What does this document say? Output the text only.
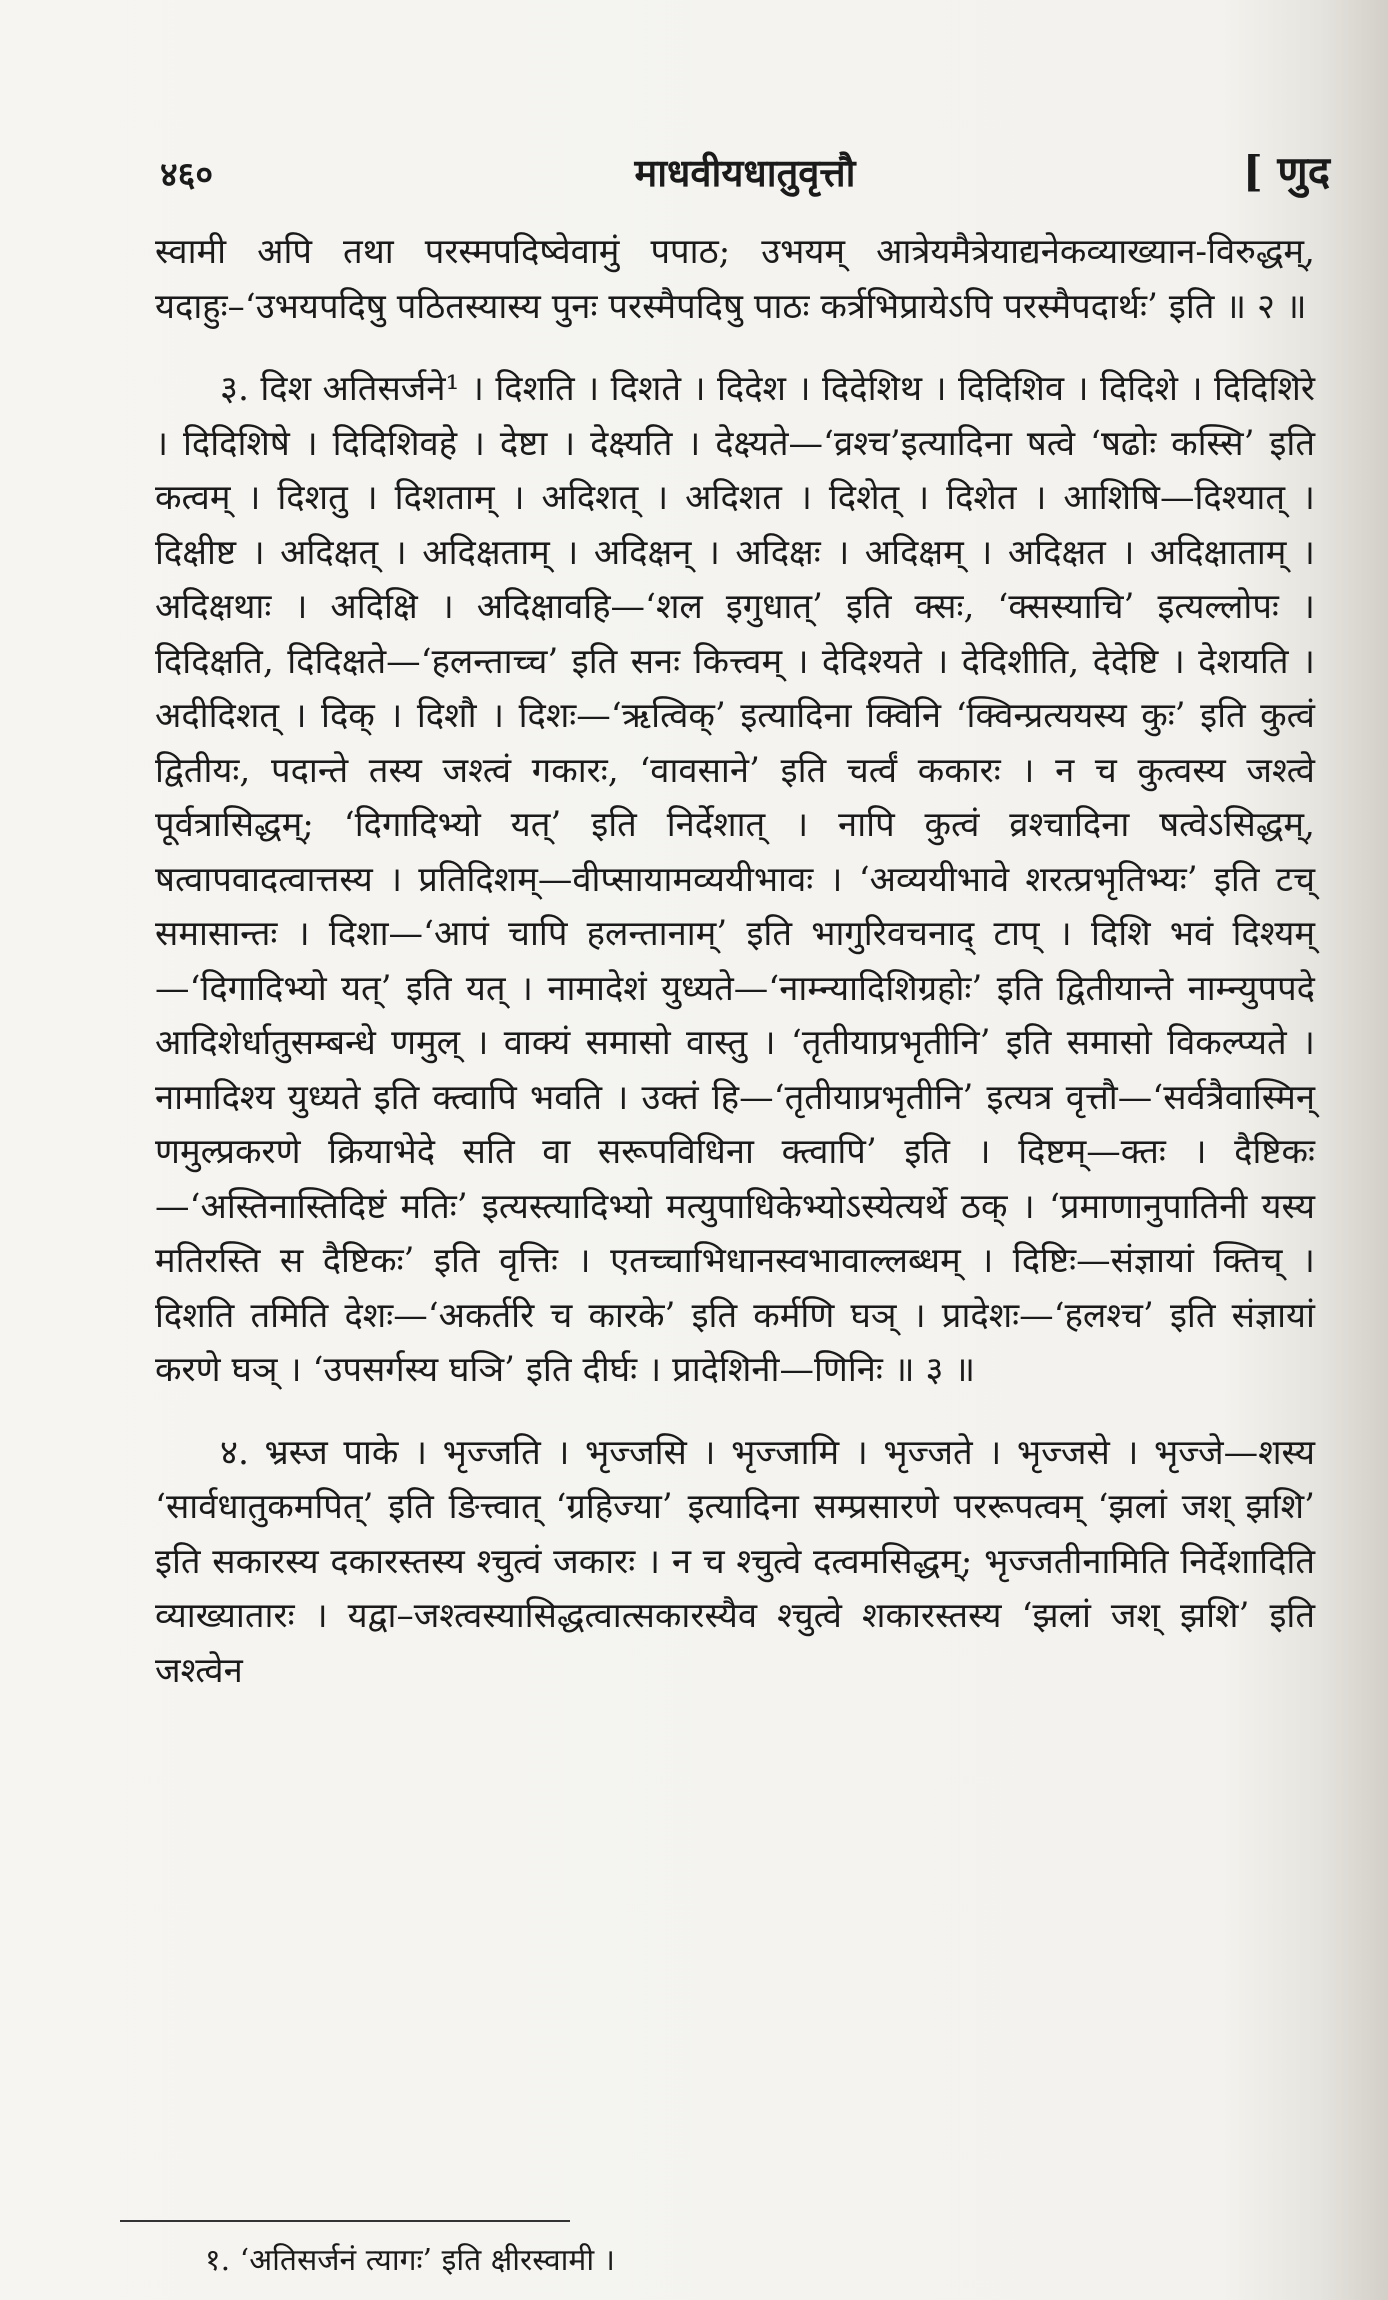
४६०	माधवीयधातुवृत्तौ	[ णुद

स्वामी अपि तथा परस्मपदिष्वेवामुं पपाठ; उभयम् आत्रेयमैत्रेयाद्यनेकव्याख्यान-विरुद्धम्, यदाहुः–‘उभयपदिषु पठितस्यास्य पुनः परस्मैपदिषु पाठः कर्त्रभिप्रायेऽपि परस्मैपदार्थः’ इति ॥ २ ॥

३. दिश अतिसर्जने¹ । दिशति । दिशते । दिदेश । दिदेशिथ । दिदिशिव । दिदिशे । दिदिशिरे । दिदिशिषे । दिदिशिवहे । देष्टा । देक्ष्यति । देक्ष्यते—‘व्रश्च’इत्यादिना षत्वे ‘षढोः कस्सि’ इति कत्वम् । दिशतु । दिशताम् । अदिशत् । अदिशत । दिशेत् । दिशेत । आशिषि—दिश्यात् । दिक्षीष्ट । अदिक्षत् । अदिक्षताम् । अदिक्षन् । अदिक्षः । अदिक्षम् । अदिक्षत । अदिक्षाताम् । अदिक्षथाः । अदिक्षि । अदिक्षावहि—‘शल इगुधात्’ इति क्सः, ‘क्सस्याचि’ इत्यल्लोपः । दिदिक्षति, दिदिक्षते—‘हलन्ताच्च’ इति सनः कित्त्वम् । देदिश्यते । देदिशीति, देदेष्टि । देशयति । अदीदिशत् । दिक् । दिशौ । दिशः—‘ऋत्विक्’ इत्यादिना क्विनि ‘क्विन्प्रत्ययस्य कुः’ इति कुत्वं द्वितीयः, पदान्ते तस्य जश्त्वं गकारः, ‘वावसाने’ इति चर्त्वं ककारः । न च कुत्वस्य जश्त्वे पूर्वत्रासिद्धम्; ‘दिगादिभ्यो यत्’ इति निर्देशात् । नापि कुत्वं व्रश्चादिना षत्वेऽसिद्धम्, षत्वापवादत्वात्तस्य । प्रतिदिशम्—वीप्सायामव्ययीभावः । ‘अव्ययीभावे शरत्प्रभृतिभ्यः’ इति टच् समासान्तः । दिशा—‘आपं चापि हलन्तानाम्’ इति भागुरिवचनाद् टाप् । दिशि भवं दिश्यम्—‘दिगादिभ्यो यत्’ इति यत् । नामादेशं युध्यते—‘नाम्न्यादिशिग्रहोः’ इति द्वितीयान्ते नाम्न्युपपदे आदिशेर्धातुसम्बन्धे णमुल् । वाक्यं समासो वास्तु । ‘तृतीयाप्रभृतीनि’ इति समासो विकल्प्यते । नामादिश्य युध्यते इति क्त्वापि भवति । उक्तं हि—‘तृतीयाप्रभृतीनि’ इत्यत्र वृत्तौ—‘सर्वत्रैवास्मिन् णमुल्प्रकरणे क्रियाभेदे सति वा सरूपविधिना क्त्वापि’ इति । दिष्टम्—क्तः । दैष्टिकः—‘अस्तिनास्तिदिष्टं मतिः’ इत्यस्त्यादिभ्यो मत्युपाधिकेभ्योऽस्येत्यर्थे ठक् । ‘प्रमाणानुपातिनी यस्य मतिरस्ति स दैष्टिकः’ इति वृत्तिः । एतच्चाभिधानस्वभावाल्लब्धम् । दिष्टिः—संज्ञायां क्तिच् । दिशति तमिति देशः—‘अकर्तरि च कारके’ इति कर्मणि घञ् । प्रादेशः—‘हलश्च’ इति संज्ञायां करणे घञ् । ‘उपसर्गस्य घञि’ इति दीर्घः । प्रादेशिनी—णिनिः ॥ ३ ॥

४. भ्रस्ज पाके । भृज्जति । भृज्जसि । भृज्जामि । भृज्जते । भृज्जसे । भृज्जे—शस्य ‘सार्वधातुकमपित्’ इति ङित्त्वात् ‘ग्रहिज्या’ इत्यादिना सम्प्रसारणे पररूपत्वम् ‘झलां जश् झशि’ इति सकारस्य दकारस्तस्य श्चुत्वं जकारः । न च श्चुत्वे दत्वमसिद्धम्; भृज्जतीनामिति निर्देशादिति व्याख्यातारः । यद्वा–जश्त्वस्यासिद्धत्वात्सकारस्यैव श्चुत्वे शकारस्तस्य ‘झलां जश् झशि’ इति जश्त्वेन

१. ‘अतिसर्जनं त्यागः’ इति क्षीरस्वामी ।
